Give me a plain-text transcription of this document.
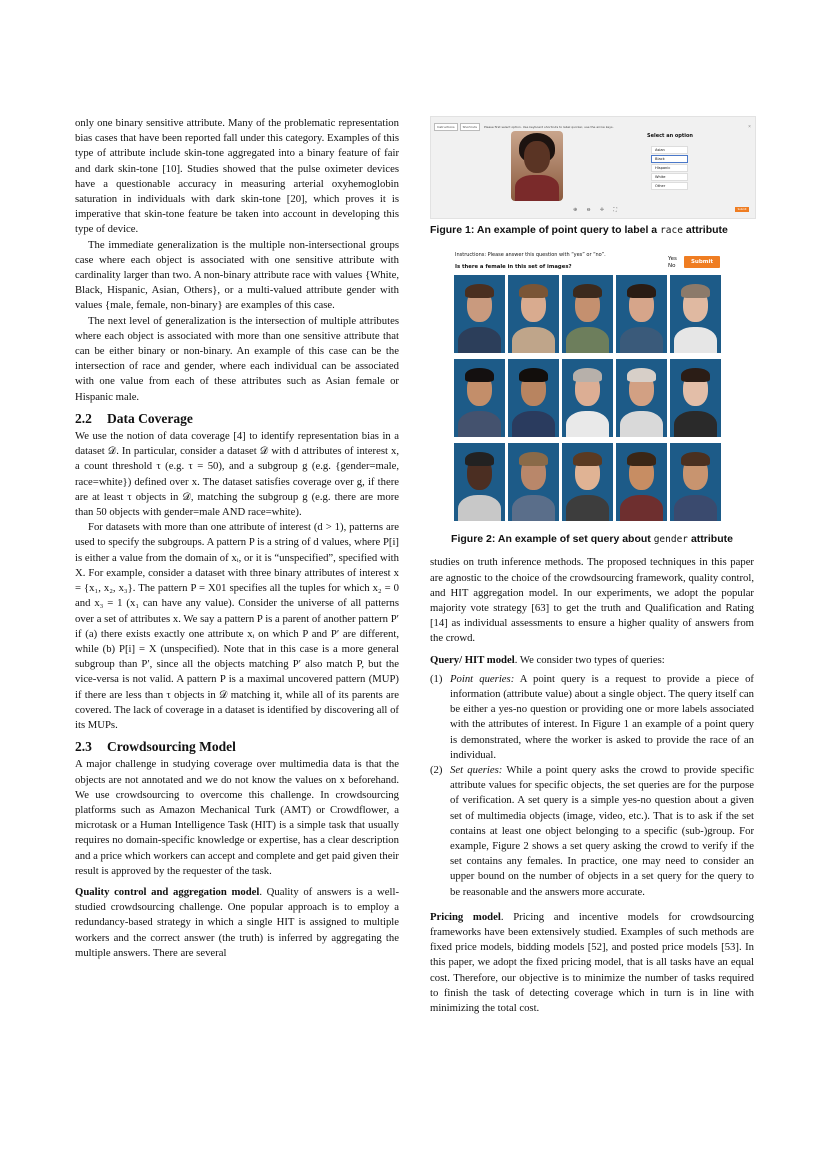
only one binary sensitive attribute. Many of the problematic representation bias cases that have been reported fall under this category. Examples of this type of attribute include skin-tone aggregated into a binary feature of fair and dark skin-tone [10]. Studies showed that the pulse oximeter devices have a questionable accuracy in measuring arterial oxyhemoglobin saturation in individuals with dark skin-tone [20], which proves it is imperative that skin-tone feature be taken into account in developing this type of device.

The immediate generalization is the multiple non-intersectional groups case where each object is associated with one sensitive attribute with cardinality larger than two. A non-binary attribute race with values {White, Black, Hispanic, Asian, Others}, or a multi-valued attribute gender with values {male, female, non-binary} are examples of this case.

The next level of generalization is the intersection of multiple attributes where each object is associated with more than one sensitive attribute that can be either binary or non-binary. An example of this case can be the intersection of race and gender, where each individual can be associated with one value from each of these attributes such as Asian female or Hispanic male.

2.2 Data Coverage

We use the notion of data coverage [4] to identify representation bias in a dataset 𝒟. In particular, consider a dataset 𝒟 with d attributes of interest x, a count threshold τ (e.g. τ = 50), and a subgroup g (e.g. {gender=male, race=white}) defined over x. The dataset satisfies coverage over g, if there are at least τ objects in 𝒟, matching the subgroup g (e.g. there are more than 50 objects with gender=male AND race=white).

For datasets with more than one attribute of interest (d > 1), patterns are used to specify the subgroups. A pattern P is a string of d values, where P[i] is either a value from the domain of xᵢ, or it is “unspecified”, specified with X. For example, consider a dataset with three binary attributes of interest x = {x₁, x₂, x₃}. The pattern P = X01 specifies all the tuples for which x₂ = 0 and x₃ = 1 (x₁ can have any value). Consider the universe of all patterns over a set of attributes x. We say a pattern P is a parent of another pattern P′ if (a) there exists exactly one attribute xᵢ on which P and P′ are different, while (b) P[i] = X (unspecified). Note that in this case is a more general subgroup than P′, since all the objects matching P′ also match P, but the vice-versa is not valid. A pattern P is a maximal uncovered pattern (MUP) if there are less than τ objects in 𝒟 matching it, while all of its parents are covered. The lack of coverage in a dataset is identified by discovering all of its MUPs.

2.3 Crowdsourcing Model

A major challenge in studying coverage over multimedia data is that the objects are not annotated and we do not know the values on x beforehand. We use crowdsourcing to overcome this challenge. In crowdsourcing platforms such as Amazon Mechanical Turk (AMT) or Crowdflower, a microtask or a Human Intelligence Task (HIT) is a simple task that usually requires no domain-specific knowledge or expertise, has a clear description and a price which workers can accept and complete and get paid given their result is approved by the requester of the task.

Quality control and aggregation model. Quality of answers is a well-studied crowdsourcing challenge. One popular approach is to employ a redundancy-based strategy in which a single HIT is assigned to multiple workers and the correct answer (the truth) is inferred by aggregating the multiple answers. There are several

Instructions	Shortcuts Please first select option. Use keyboard shortcuts to label quicker, use the arrow keys.	×
Select an option
Asian
Black
Hispanic
White
Other
⊕ ⊖ ✛ ⛶	Submit
Figure 1: An example of point query to label a race attribute
Instructions: Please answer this question with “yes” or “no”.
Is there a female in this set of images?
Yes
No
Submit
Figure 2: An example of set query about gender attribute

studies on truth inference methods. The proposed techniques in this paper are agnostic to the choice of the crowdsourcing framework, quality control, and HIT aggregation model. In our experiments, we adopt the popular majority vote strategy [63] to get the truth and Qualification and Rating [14] as individual assessments to ensure a higher quality of answers from the crowd.

Query/ HIT model. We consider two types of queries:

(1) Point queries: A point query is a request to provide a piece of information (attribute value) about a single object. The query itself can be either a yes-no question or providing one or more labels associated with the attributes of interest. In Figure 1 an example of a point query is demonstrated, where the worker is asked to provide the race of an individual.
(2) Set queries: While a point query asks the crowd to provide specific attribute values for specific objects, the set queries are for the purpose of verification. A set query is a simple yes-no question about a given set of multimedia objects (image, video, etc.). That is to ask if the set contains at least one object belonging to a specific (sub-)group. For example, Figure 2 shows a set query asking the crowd to verify if the set contains any females. In practice, one may need to consider an upper bound on the number of objects in a set query for the query to be reasonable and the answers more accurate.

Pricing model. Pricing and incentive models for crowdsourcing frameworks have been extensively studied. Examples of such methods are fixed price models, bidding models [52], and posted price models [53]. In this paper, we adopt the fixed pricing model, that is all tasks have an equal cost. Therefore, our objective is to minimize the number of tasks required to finish the task of detecting coverage which in turn is in line with minimizing the total cost.
